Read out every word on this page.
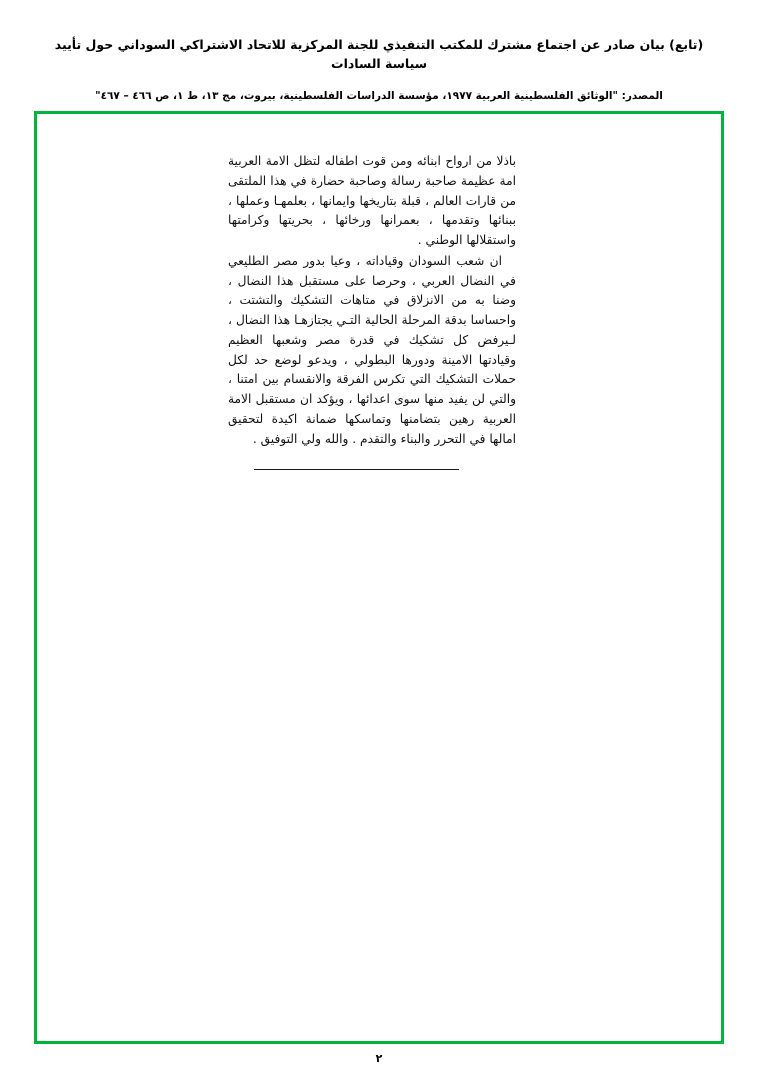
(تابع) بيان صادر عن اجتماع مشترك للمكتب التنفيذي للجنة المركزية للاتحاد الاشتراكي السوداني حول تأييد سياسة السادات
المصدر: "الوثائق الفلسطينية العربية ١٩٧٧، مؤسسة الدراسات الفلسطينية، بيروت، مج ١٣، ط ١، ص ٤٦٦ – ٤٦٧"

باذلا من ارواح ابنائه ومن قوت اطفاله لتظل الامة العربية امة عظيمة صاحبة رسالة وصاحبة حضارة في هذا الملتقى من قارات العالم ، قبلة بتاريخها وايمانها ، بعلمهـا وعملها ، ببنائها وتقدمها ، بعمرانها ورخائها ، بحريتها وكرامتها واستقلالها الوطني .

ان شعب السودان وقياداته ، وعيا بدور مصر الطليعي في النضال العربي ، وحرصا على مستقبل هذا النضال ، وضنا به من الانزلاق في متاهات التشكيك والتشتت ، واحساسا بدقة المرحلة الحالية التـي يجتازهـا هذا النضال ، لـيرفض كل تشكيك في قدرة مصر وشعبها العظيم وقيادتها الامينة ودورها البطولي ، ويدعو لوضع حد لكل حملات التشكيك التي تكرس الفرقة والانقسام بين امتنا ، والتي لن يفيد منها سوى اعدائها ، ويؤكد ان مستقبل الامة العربية رهين بتضامنها وتماسكها ضمانة اكيدة لتحقيق امالها في التحرر والبناء والتقدم . والله ولي التوفيق .

٢
